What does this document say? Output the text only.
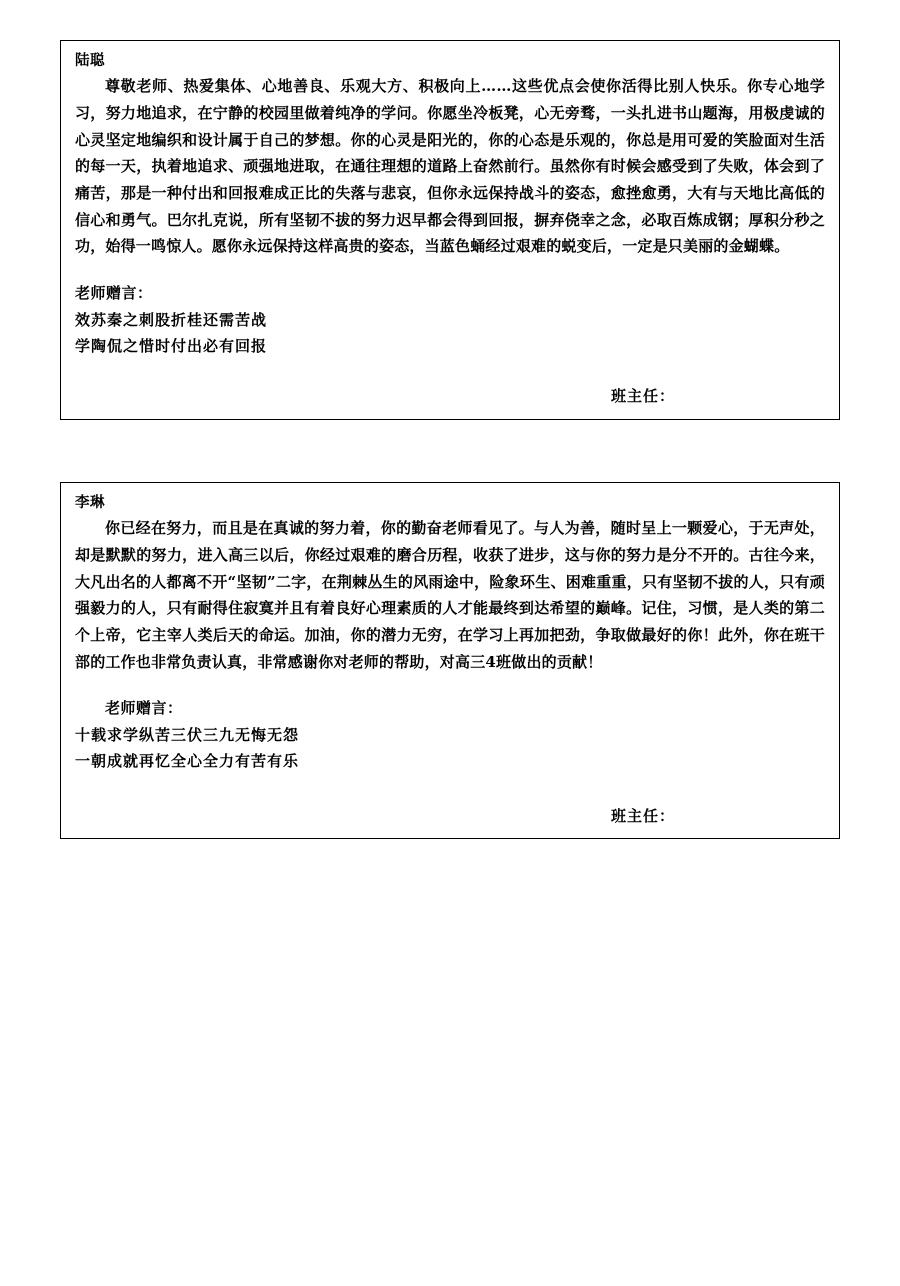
陆聪

尊敬老师、热爱集体、心地善良、乐观大方、积极向上……这些优点会使你活得比别人快乐。你专心地学习，努力地追求，在宁静的校园里做着纯净的学问。你愿坐冷板凳，心无旁骛，一头扎进书山题海，用极虔诚的心灵坚定地编织和设计属于自己的梦想。你的心灵是阳光的，你的心态是乐观的，你总是用可爱的笑脸面对生活的每一天，执着地追求、顽强地进取，在通往理想的道路上奋然前行。虽然你有时候会感受到了失败，体会到了痛苦，那是一种付出和回报难成正比的失落与悲哀，但你永远保持战斗的姿态，愈挫愈勇，大有与天地比高低的信心和勇气。巴尔扎克说，所有坚韧不拔的努力迟早都会得到回报，摒弃侥幸之念，必取百炼成钢；厚积分秒之功，始得一鸣惊人。愿你永远保持这样高贵的姿态，当蓝色蛹经过艰难的蜕变后，一定是只美丽的金蝴蝶。

老师赠言：
效苏秦之刺股折桂还需苦战
学陶侃之惜时付出必有回报
班主任：
李琳

你已经在努力，而且是在真诚的努力着，你的勤奋老师看见了。与人为善，随时呈上一颗爱心，于无声处，却是默默的努力，进入高三以后，你经过艰难的磨合历程，收获了进步，这与你的努力是分不开的。古往今来，大凡出名的人都离不开“坚韧”二字，在荆棘丛生的风雨途中，险象环生、困难重重，只有坚韧不拔的人，只有顽强毅力的人，只有耐得住寂寞并且有着良好心理素质的人才能最终到达希望的巅峰。记住，习惯，是人类的第二个上帝，它主宰人类后天的命运。加油，你的潜力无穷，在学习上再加把劲，争取做最好的你！此外，你在班干部的工作也非常负责认真，非常感谢你对老师的帮助，对高三4班做出的贡献！

老师赠言：
十载求学纵苦三伏三九无悔无怨
一朝成就再忆全心全力有苦有乐
班主任：
